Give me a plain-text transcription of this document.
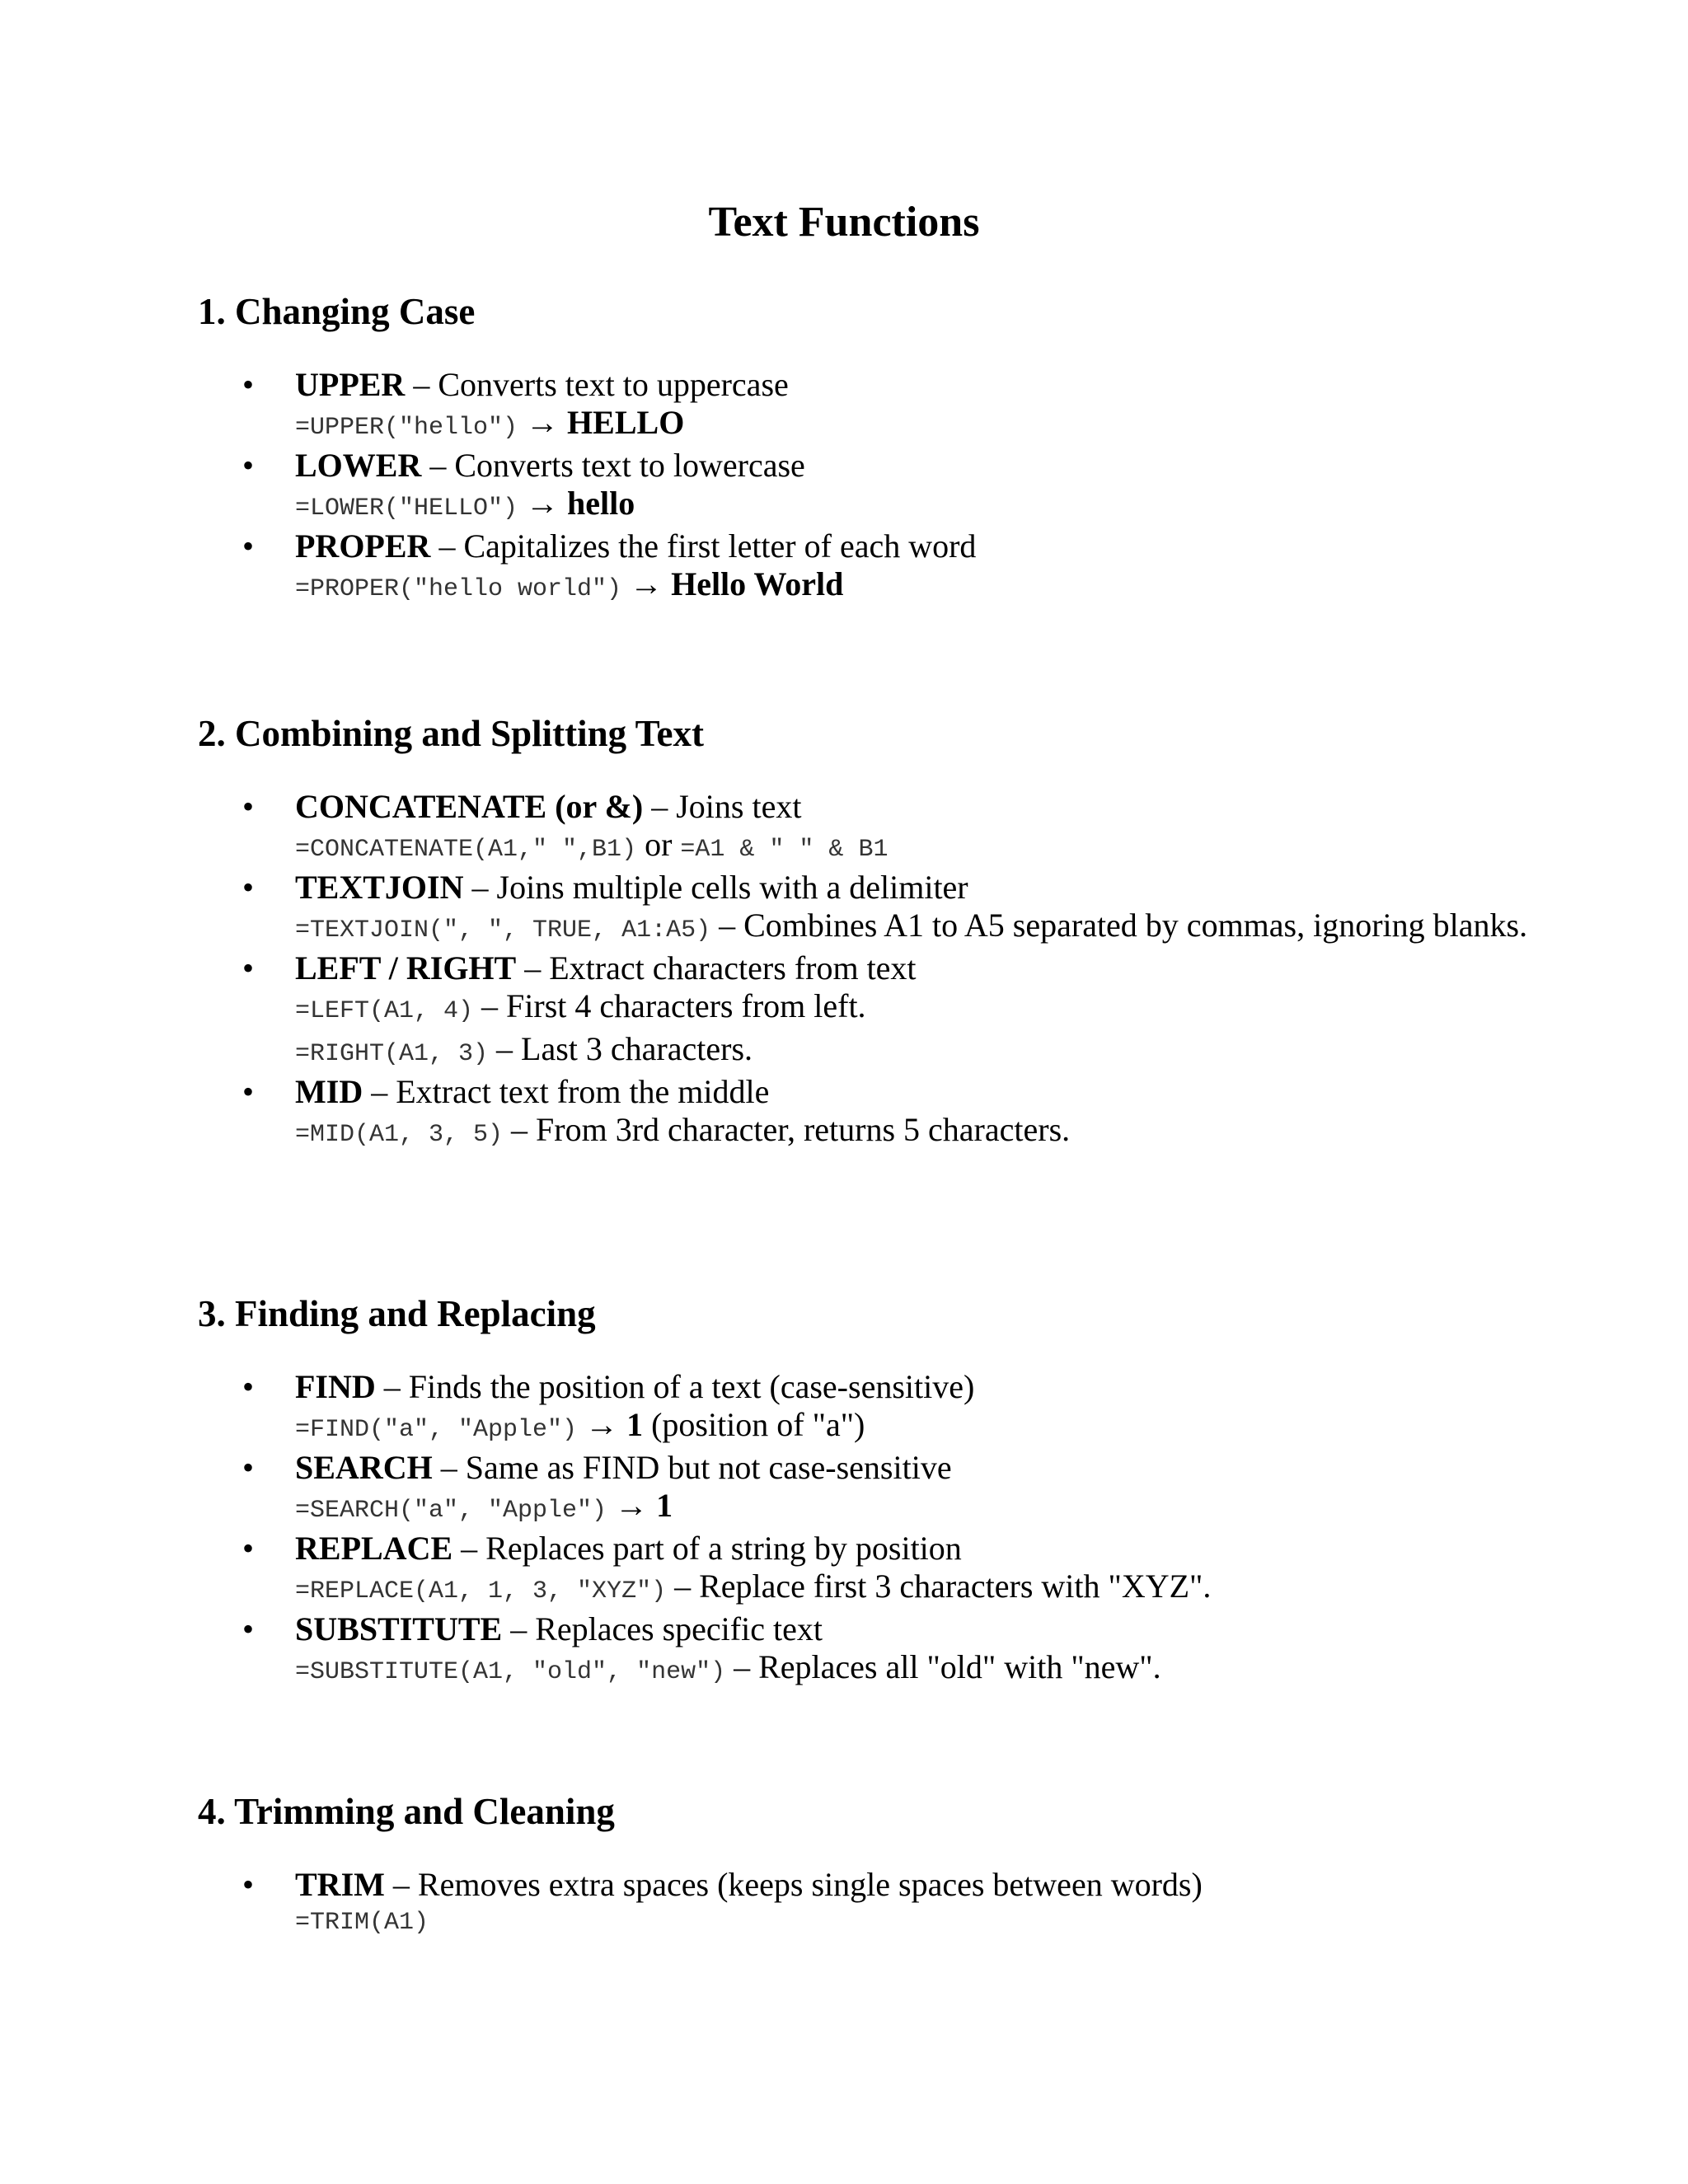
Text Functions
1. Changing Case
• UPPER – Converts text to uppercase
=UPPER("hello") → HELLO
• LOWER – Converts text to lowercase
=LOWER("HELLO") → hello
• PROPER – Capitalizes the first letter of each word
=PROPER("hello world") → Hello World
2. Combining and Splitting Text
• CONCATENATE (or &) – Joins text
=CONCATENATE(A1," ",B1) or =A1 & " " & B1
• TEXTJOIN – Joins multiple cells with a delimiter
=TEXTJOIN(", ", TRUE, A1:A5) – Combines A1 to A5 separated by commas, ignoring blanks.
• LEFT / RIGHT – Extract characters from text
=LEFT(A1, 4) – First 4 characters from left.
=RIGHT(A1, 3) – Last 3 characters.
• MID – Extract text from the middle
=MID(A1, 3, 5) – From 3rd character, returns 5 characters.
3. Finding and Replacing
• FIND – Finds the position of a text (case-sensitive)
=FIND("a", "Apple") → 1 (position of "a")
• SEARCH – Same as FIND but not case-sensitive
=SEARCH("a", "Apple") → 1
• REPLACE – Replaces part of a string by position
=REPLACE(A1, 1, 3, "XYZ") – Replace first 3 characters with "XYZ".
• SUBSTITUTE – Replaces specific text
=SUBSTITUTE(A1, "old", "new") – Replaces all "old" with "new".
4. Trimming and Cleaning
• TRIM – Removes extra spaces (keeps single spaces between words)
=TRIM(A1)
